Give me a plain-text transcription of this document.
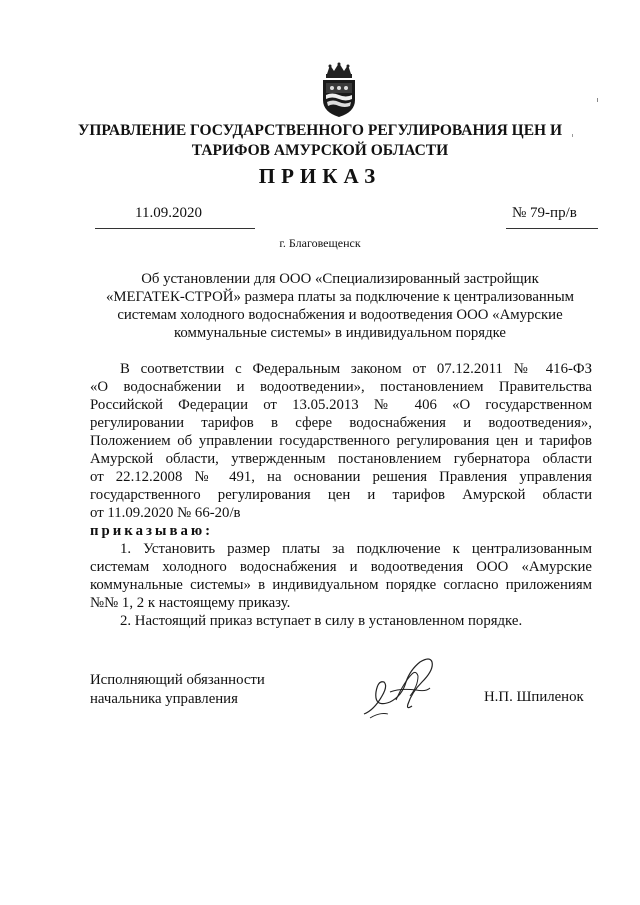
УПРАВЛЕНИЕ ГОСУДАРСТВЕННОГО РЕГУЛИРОВАНИЯ ЦЕН И
ТАРИФОВ АМУРСКОЙ ОБЛАСТИ
ПРИКАЗ
11.09.2020	№ 79-пр/в
г. Благовещенск
Об установлении для ООО «Специализированный застройщик
«МЕГАТЕК-СТРОЙ» размера платы за подключение к централизованным
системам холодного водоснабжения и водоотведения ООО «Амурские
коммунальные системы» в индивидуальном порядке
В соответствии с Федеральным законом от 07.12.2011 № 416-ФЗ
«О водоснабжении и водоотведении», постановлением Правительства
Российской Федерации от 13.05.2013 № 406 «О государственном
регулировании тарифов в сфере водоснабжения и водоотведения»,
Положением об управлении государственного регулирования цен и тарифов
Амурской области, утвержденным постановлением губернатора области
от 22.12.2008 № 491, на основании решения Правления управления
государственного регулирования цен и тарифов Амурской области
от 11.09.2020 № 66-20/в
приказываю:
1. Установить размер платы за подключение к централизованным
системам холодного водоснабжения и водоотведения ООО «Амурские
коммунальные системы» в индивидуальном порядке согласно приложениям
№№ 1, 2 к настоящему приказу.
2. Настоящий приказ вступает в силу в установленном порядке.
Исполняющий обязанности
начальника управления	Н.П. Шпиленок
